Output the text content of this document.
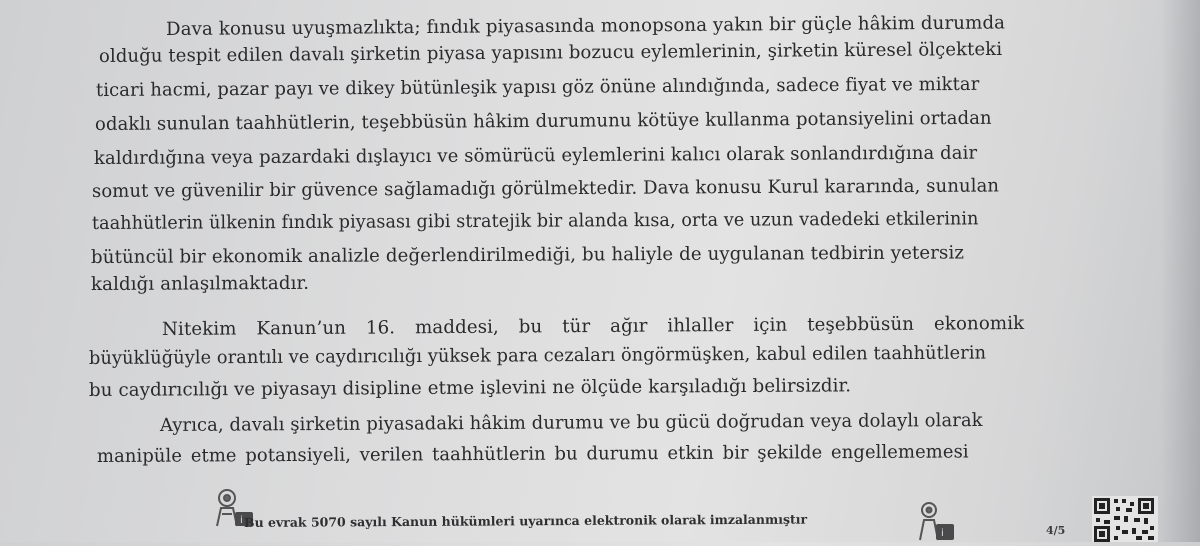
Dava konusu uyuşmazlıkta; fındık piyasasında monopsona yakın bir güçle hâkim durumda
olduğu tespit edilen davalı şirketin piyasa yapısını bozucu eylemlerinin, şirketin küresel ölçekteki
ticari hacmi, pazar payı ve dikey bütünleşik yapısı göz önüne alındığında, sadece fiyat ve miktar
odaklı sunulan taahhütlerin, teşebbüsün hâkim durumunu kötüye kullanma potansiyelini ortadan
kaldırdığına veya pazardaki dışlayıcı ve sömürücü eylemlerini kalıcı olarak sonlandırdığına dair
somut ve güvenilir bir güvence sağlamadığı görülmektedir. Dava konusu Kurul kararında, sunulan
taahhütlerin ülkenin fındık piyasası gibi stratejik bir alanda kısa, orta ve uzun vadedeki etkilerinin
bütüncül bir ekonomik analizle değerlendirilmediği, bu haliyle de uygulanan tedbirin yetersiz
kaldığı anlaşılmaktadır.
Nitekim Kanun’un 16. maddesi, bu tür ağır ihlaller için teşebbüsün ekonomik
büyüklüğüyle orantılı ve caydırıcılığı yüksek para cezaları öngörmüşken, kabul edilen taahhütlerin
bu caydırıcılığı ve piyasayı disipline etme işlevini ne ölçüde karşıladığı belirsizdir.
Ayrıca, davalı şirketin piyasadaki hâkim durumu ve bu gücü doğrudan veya dolaylı olarak
manipüle etme potansiyeli, verilen taahhütlerin bu durumu etkin bir şekilde engellememesi
i
i
Bu evrak 5070 sayılı Kanun hükümleri uyarınca elektronik olarak imzalanmıştır
4/5
